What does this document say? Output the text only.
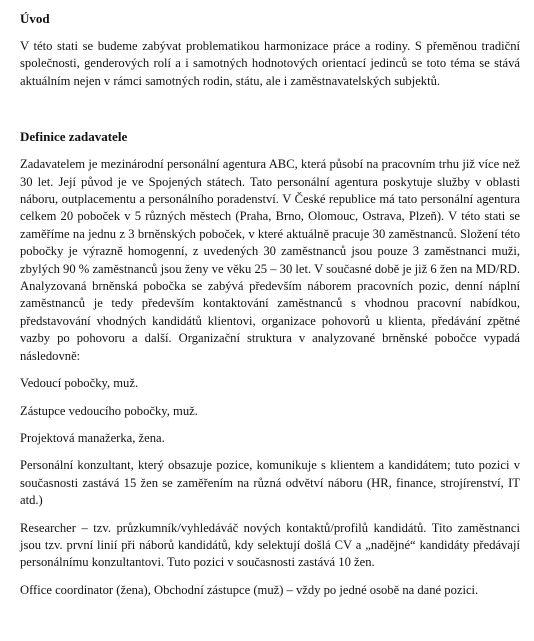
Úvod

V této stati se budeme zabývat problematikou harmonizace práce a rodiny. S přeměnou tradiční společnosti, genderových rolí a i samotných hodnotových orientací jedinců se toto téma se stává aktuálním nejen v rámci samotných rodin, státu, ale i zaměstnavatelských subjektů.

Definice zadavatele

Zadavatelem je mezinárodní personální agentura ABC, která působí na pracovním trhu již více než 30 let. Její původ je ve Spojených státech. Tato personální agentura poskytuje služby v oblasti náboru, outplacementu a personálního poradenství. V České republice má tato personální agentura celkem 20 poboček v 5 různých městech (Praha, Brno, Olomouc, Ostrava, Plzeň). V této stati se zaměříme na jednu z 3 brněnských poboček, v které aktuálně pracuje 30 zaměstnanců. Složení této pobočky je výrazně homogenní, z uvedených 30 zaměstnanců jsou pouze 3 zaměstnanci muži, zbylých 90 % zaměstnanců jsou ženy ve věku 25 – 30 let. V současné době je již 6 žen na MD/RD. Analyzovaná brněnská pobočka se zabývá především náborem pracovních pozic, denní náplní zaměstnanců je tedy především kontaktování zaměstnanců s vhodnou pracovní nabídkou, představování vhodných kandidátů klientovi, organizace pohovorů u klienta, předávání zpětné vazby po pohovoru a další. Organizační struktura v analyzované brněnské pobočce vypadá následovně:

Vedoucí pobočky, muž.

Zástupce vedoucího pobočky, muž.

Projektová manažerka, žena.

Personální konzultant, který obsazuje pozice, komunikuje s klientem a kandidátem; tuto pozici v současnosti zastává 15 žen se zaměřením na různá odvětví náboru (HR, finance, strojírenství, IT atd.)

Researcher – tzv. průzkumník/vyhledáváč nových kontaktů/profilů kandidátů. Tito zaměstnanci jsou tzv. první linií při náborů kandidátů, kdy selektují došlá CV a „nadějné“ kandidáty předávají personálnímu konzultantovi. Tuto pozici v současnosti zastává 10 žen.

Office coordinator (žena), Obchodní zástupce (muž) – vždy po jedné osobě na dané pozici.
